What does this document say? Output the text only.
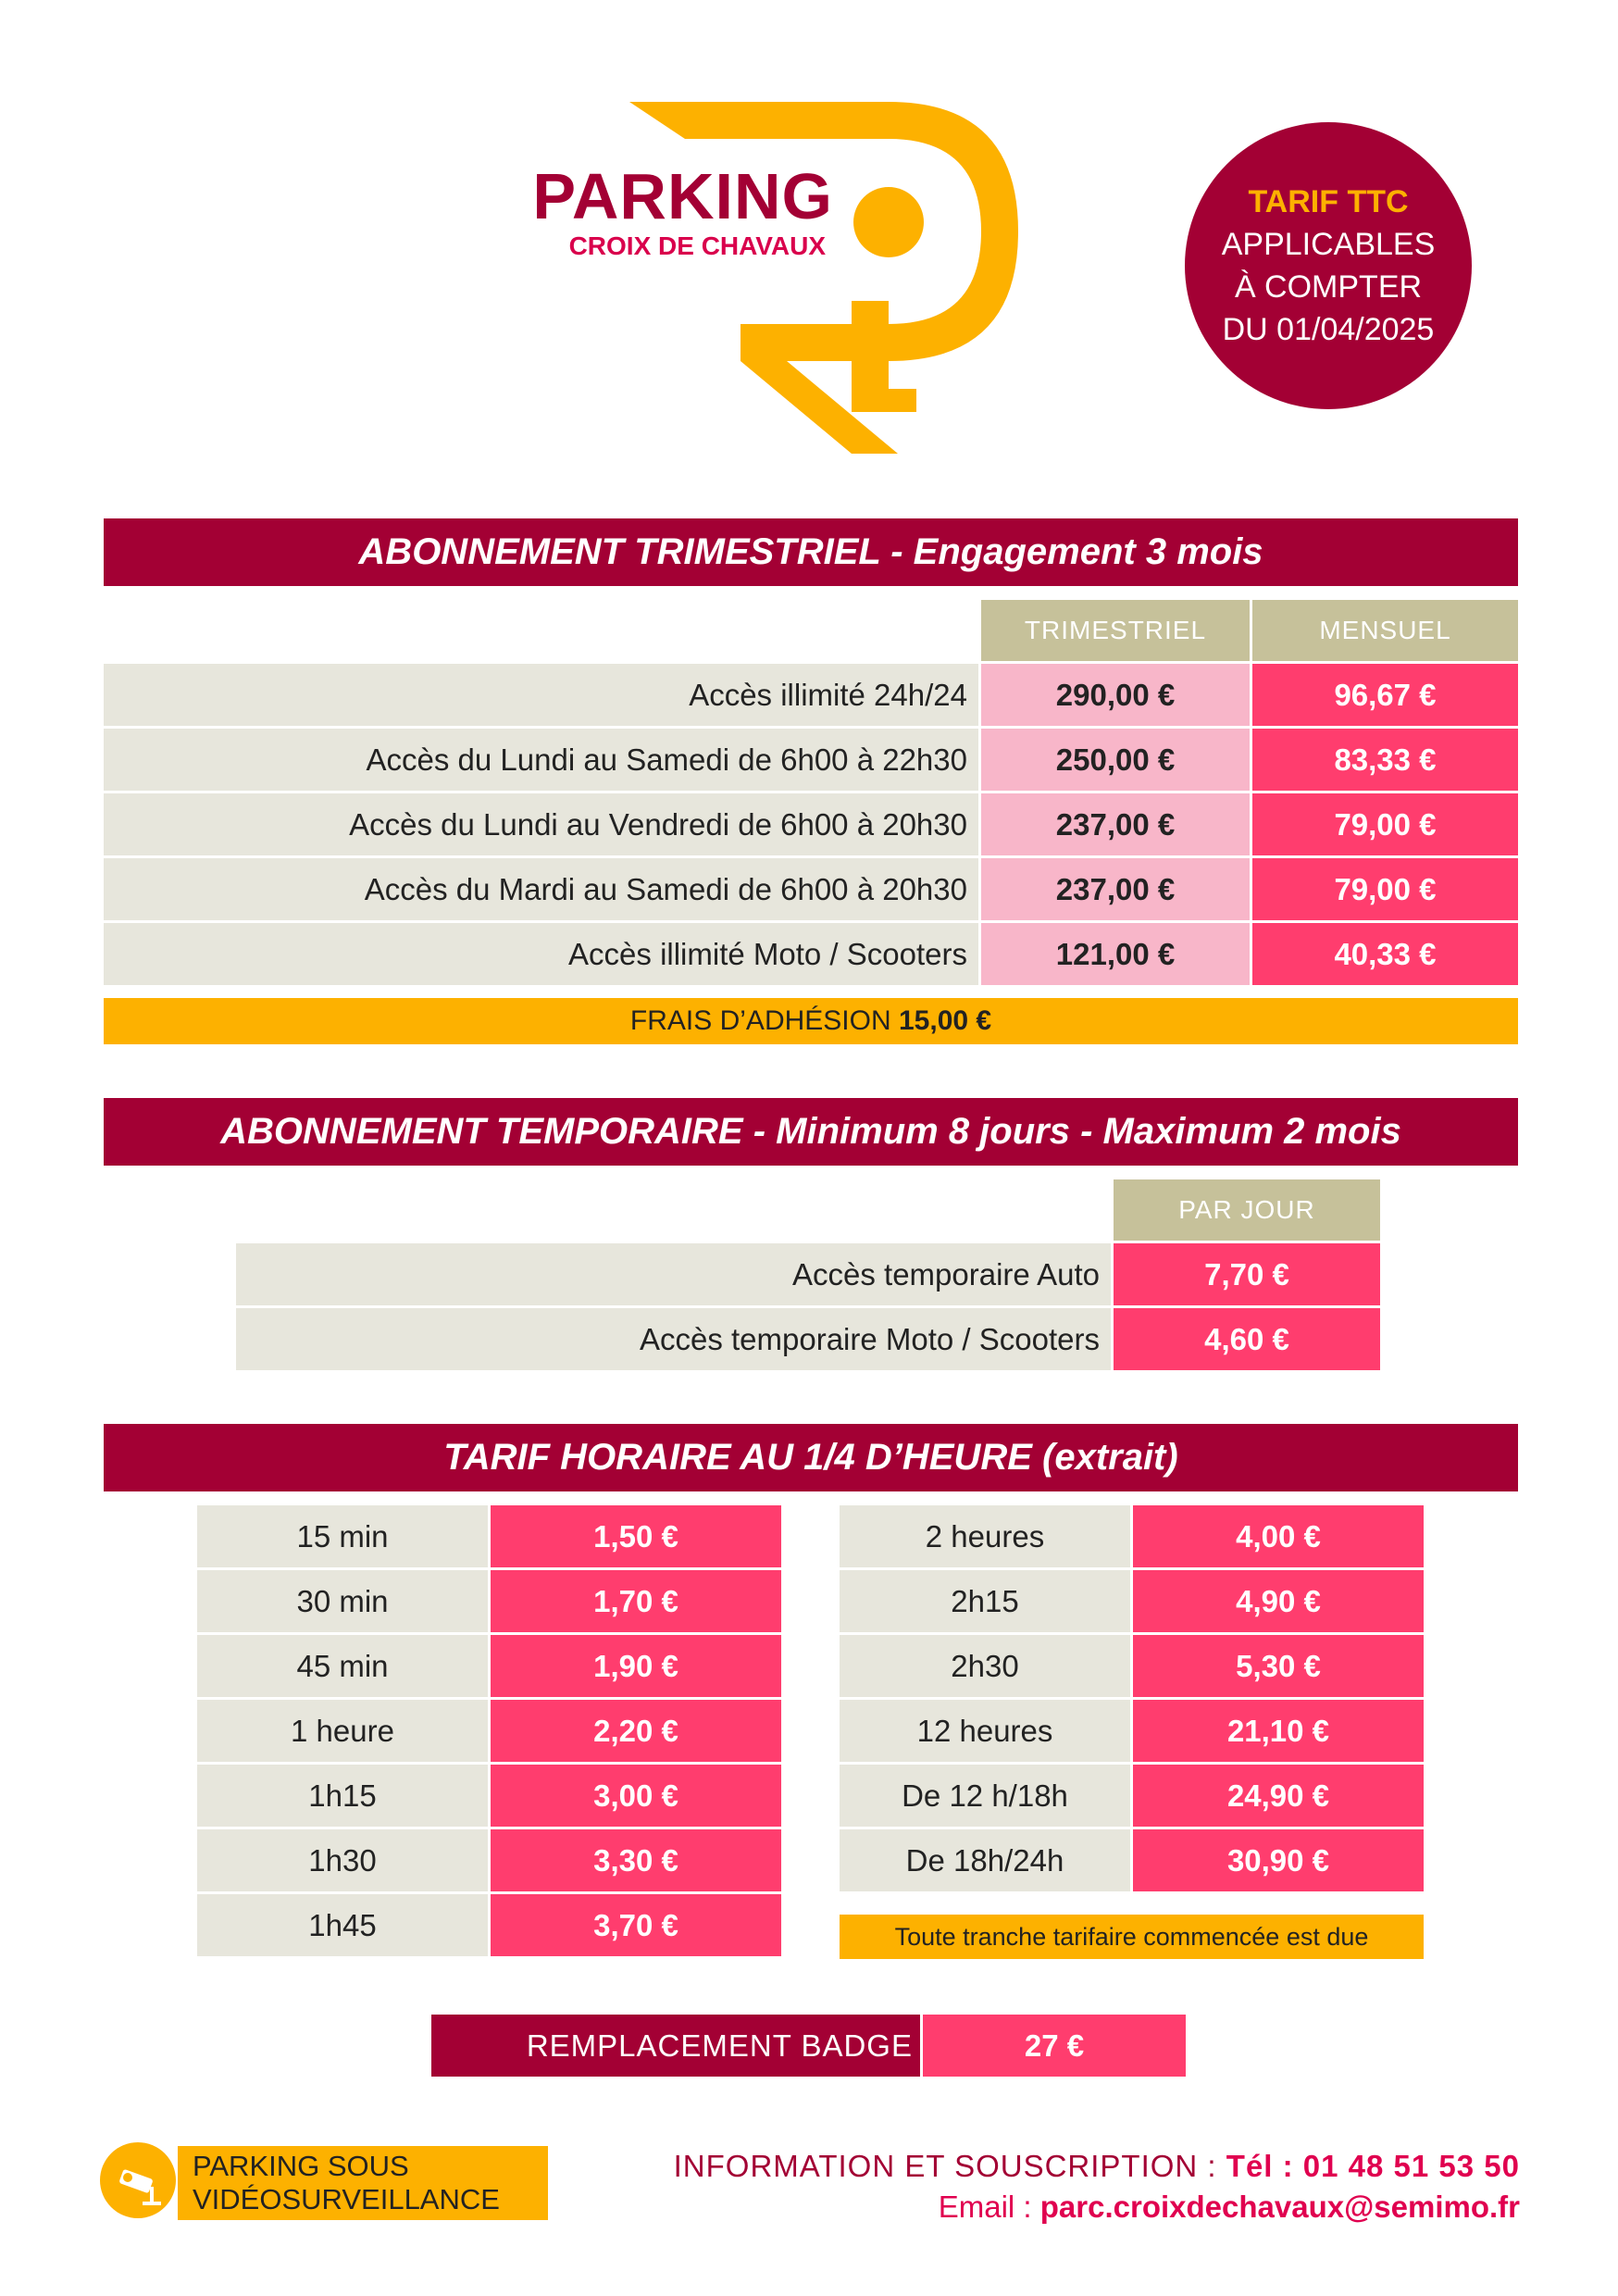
PARKING
CROIX DE CHAVAUX
TARIF TTC
APPLICABLES
À COMPTER
DU 01/04/2025
ABONNEMENT TRIMESTRIEL - Engagement 3 mois
TRIMESTRIEL	MENSUEL
Accès illimité 24h/24	290,00 €	96,67 €
Accès du Lundi au Samedi de 6h00 à 22h30	250,00 €	83,33 €
Accès du Lundi au Vendredi de 6h00 à 20h30	237,00 €	79,00 €
Accès du Mardi au Samedi de 6h00 à 20h30	237,00 €	79,00 €
Accès illimité Moto / Scooters	121,00 €	40,33 €
FRAIS D’ADHÉSION
15,00 €
ABONNEMENT TEMPORAIRE - Minimum 8 jours - Maximum 2 mois
PAR JOUR
Accès temporaire Auto	7,70 €
Accès temporaire Moto / Scooters	4,60 €
TARIF HORAIRE AU 1/4 D’HEURE (extrait)
15 min	1,50 €
30 min	1,70 €
45 min	1,90 €
1 heure	2,20 €
1h15	3,00 €
1h30	3,30 €
1h45	3,70 €
2 heures	4,00 €
2h15	4,90 €
2h30	5,30 €
12 heures	21,10 €
De 12 h/18h	24,90 €
De 18h/24h	30,90 €
Toute tranche tarifaire commencée est due
REMPLACEMENT BADGE	27 €
PARKING SOUS
VIDÉOSURVEILLANCE
INFORMATION ET SOUSCRIPTION : Tél : 01 48 51 53 50
Email : parc.croixdechavaux@semimo.fr
